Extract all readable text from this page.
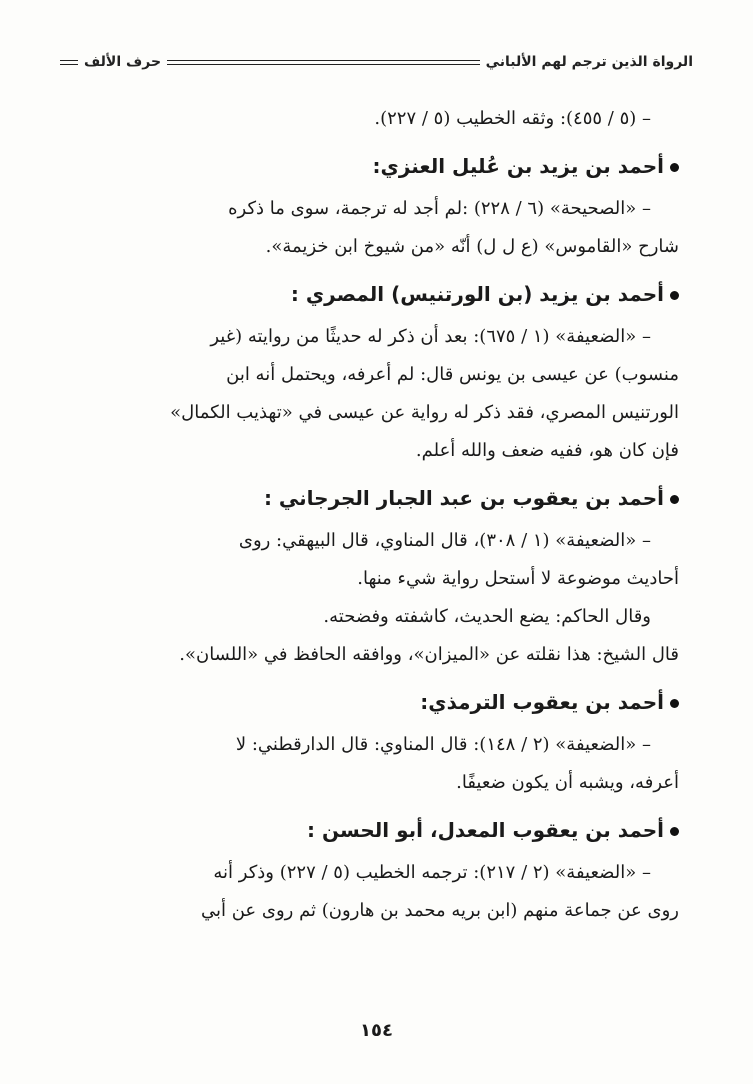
الرواة الذين ترجم لهم الألباني
حرف الألف
– (٥ / ٤٥٥): وثقه الخطيب (٥ / ٢٢٧).
أحمد بن يزيد بن عُليل العنزي:
– «الصحيحة» (٦ / ٢٢٨) :لم أجد له ترجمة، سوى ما ذكره
شارح «القاموس» (ع ل ل) أنّه «من شيوخ ابن خزيمة».
أحمد بن يزيد (بن الورتنيس) المصري :
– «الضعيفة» (١ / ٦٧٥): بعد أن ذكر له حديثًا من روايته (غير
منسوب) عن عيسى بن يونس قال: لم أعرفه، ويحتمل أنه ابن
الورتنيس المصري، فقد ذكر له رواية عن عيسى في «تهذيب الكمال»
فإن كان هو، ففيه ضعف والله أعلم.
أحمد بن يعقوب بن عبد الجبار الجرجاني :
– «الضعيفة» (١ / ٣٠٨)، قال المناوي، قال البيهقي: روى
أحاديث موضوعة لا أستحل رواية شيء منها.
وقال الحاكم: يضع الحديث، كاشفته وفضحته.
قال الشيخ: هذا نقلته عن «الميزان»، ووافقه الحافظ في «اللسان».
أحمد بن يعقوب الترمذي:
– «الضعيفة» (٢ / ١٤٨): قال المناوي: قال الدارقطني: لا
أعرفه، ويشبه أن يكون ضعيفًا.
أحمد بن يعقوب المعدل، أبو الحسن :
– «الضعيفة» (٢ / ٢١٧): ترجمه الخطيب (٥ / ٢٢٧) وذكر أنه
روى عن جماعة منهم (ابن بريه محمد بن هارون) ثم روى عن أبي
١٥٤
